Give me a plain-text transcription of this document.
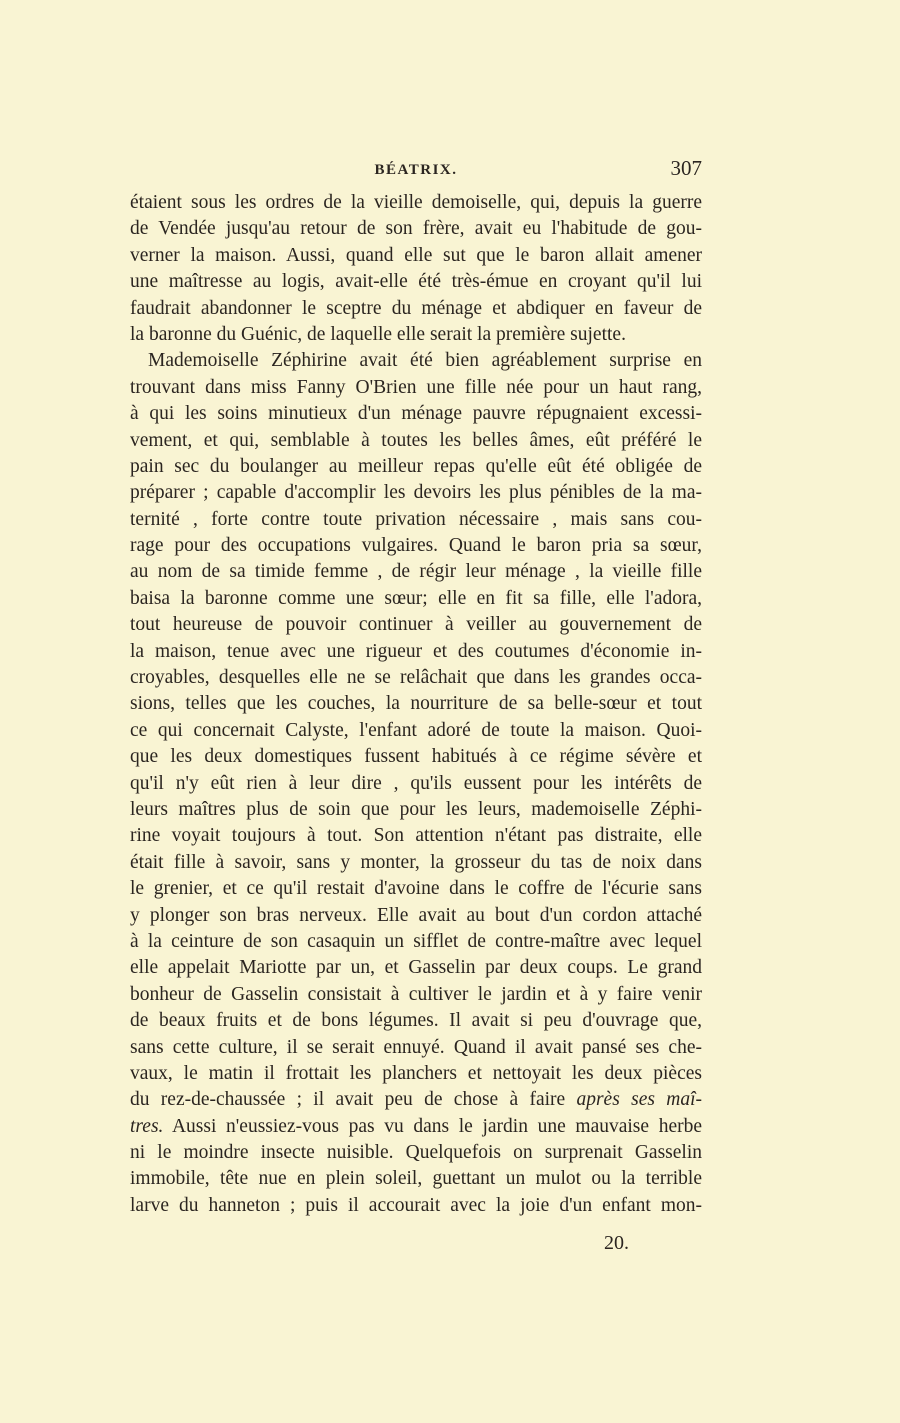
BÉATRIX.	307
étaient sous les ordres de la vieille demoiselle, qui, depuis la guerre
de Vendée jusqu'au retour de son frère, avait eu l'habitude de gou-
verner la maison. Aussi, quand elle sut que le baron allait amener
une maîtresse au logis, avait-elle été très-émue en croyant qu'il lui
faudrait abandonner le sceptre du ménage et abdiquer en faveur de
la baronne du Guénic, de laquelle elle serait la première sujette.
Mademoiselle Zéphirine avait été bien agréablement surprise en
trouvant dans miss Fanny O'Brien une fille née pour un haut rang,
à qui les soins minutieux d'un ménage pauvre répugnaient excessi-
vement, et qui, semblable à toutes les belles âmes, eût préféré le
pain sec du boulanger au meilleur repas qu'elle eût été obligée de
préparer ; capable d'accomplir les devoirs les plus pénibles de la ma-
ternité , forte contre toute privation nécessaire , mais sans cou-
rage pour des occupations vulgaires. Quand le baron pria sa sœur,
au nom de sa timide femme , de régir leur ménage , la vieille fille
baisa la baronne comme une sœur; elle en fit sa fille, elle l'adora,
tout heureuse de pouvoir continuer à veiller au gouvernement de
la maison, tenue avec une rigueur et des coutumes d'économie in-
croyables, desquelles elle ne se relâchait que dans les grandes occa-
sions, telles que les couches, la nourriture de sa belle-sœur et tout
ce qui concernait Calyste, l'enfant adoré de toute la maison. Quoi-
que les deux domestiques fussent habitués à ce régime sévère et
qu'il n'y eût rien à leur dire , qu'ils eussent pour les intérêts de
leurs maîtres plus de soin que pour les leurs, mademoiselle Zéphi-
rine voyait toujours à tout. Son attention n'étant pas distraite, elle
était fille à savoir, sans y monter, la grosseur du tas de noix dans
le grenier, et ce qu'il restait d'avoine dans le coffre de l'écurie sans
y plonger son bras nerveux. Elle avait au bout d'un cordon attaché
à la ceinture de son casaquin un sifflet de contre-maître avec lequel
elle appelait Mariotte par un, et Gasselin par deux coups. Le grand
bonheur de Gasselin consistait à cultiver le jardin et à y faire venir
de beaux fruits et de bons légumes. Il avait si peu d'ouvrage que,
sans cette culture, il se serait ennuyé. Quand il avait pansé ses che-
vaux, le matin il frottait les planchers et nettoyait les deux pièces
du rez-de-chaussée ; il avait peu de chose à faire après ses maî-
tres. Aussi n'eussiez-vous pas vu dans le jardin une mauvaise herbe
ni le moindre insecte nuisible. Quelquefois on surprenait Gasselin
immobile, tête nue en plein soleil, guettant un mulot ou la terrible
larve du hanneton ; puis il accourait avec la joie d'un enfant mon-
20.
